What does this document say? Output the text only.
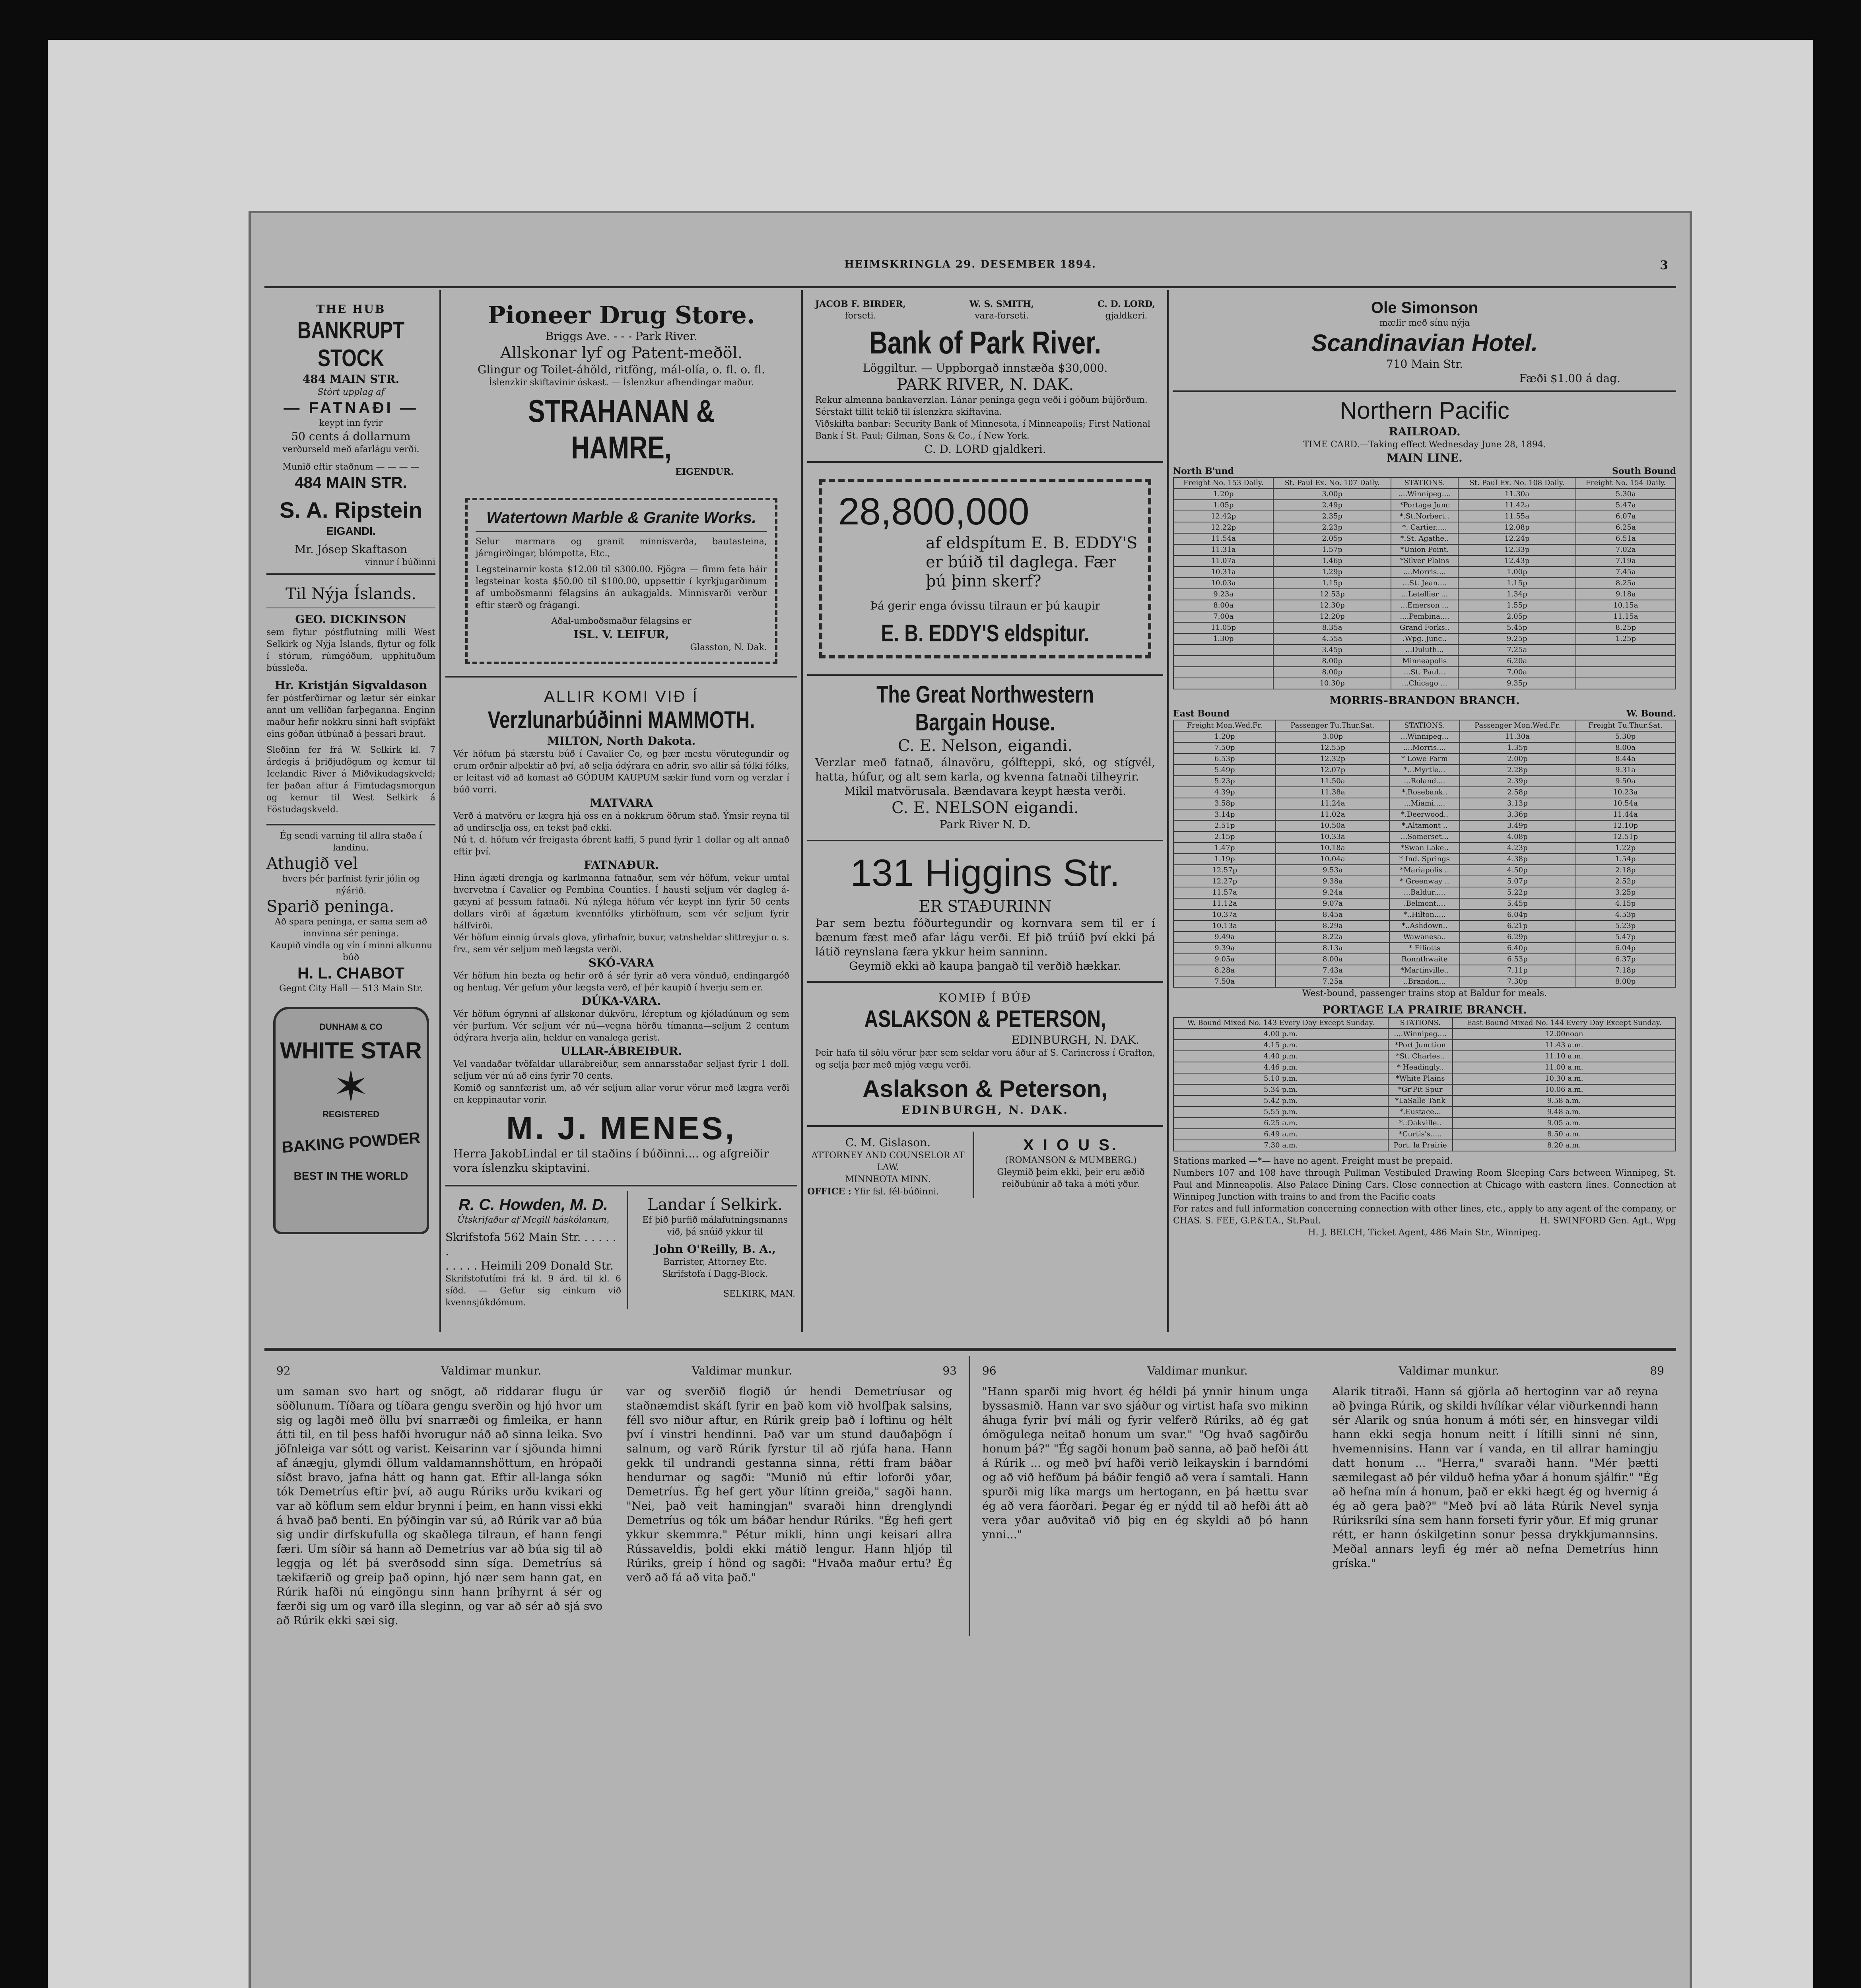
HEIMSKRINGLA 29. DESEMBER 1894.	3
THE HUB
BANKRUPT STOCK
484 MAIN STR.
Stórt upplag af
— FATNAÐI —
keypt inn fyrir
50 cents á dollarnum
verðurseld með afarlágu verði.
Munið eftir staðnum — — — —
484 MAIN STR.
S. A. Ripstein
EIGANDI.
Mr. Jósep Skaftason
vinnur í búðinni
Til Nýja Íslands.
GEO. DICKINSON
sem flytur póstflutning milli West Selkirk og Nýja Íslands, flytur og fólk í stórum, rúmgóðum, upphituðum bússleða.
Hr. Kristján Sigvaldason
fer póstferðirnar og lætur sér einkar annt um vellíðan farþeganna. Enginn maður hefir nokkru sinni haft svipfákt eins góðan útbúnað á þessari braut.
Sleðinn fer frá W. Selkirk kl. 7 árdegis á þriðjudögum og kemur til Icelandic River á Miðvikudagskveld; fer þaðan aftur á Fimtudagsmorgun og kemur til West Selkirk á Föstudagskveld.
Ég sendi varning til allra staða í landinu.
Athugið vel
hvers þér þarfnist fyrir jólin og nýárið.
Sparið peninga.
Að spara peninga, er sama sem að innvinna sér peninga.
Kaupið vindla og vín í minni alkunnu búð
H. L. CHABOT
Gegnt City Hall — 513 Main Str.
DUNHAM & CO
WHITE STAR
✶
REGISTERED
BAKING POWDER
BEST IN THE WORLD
Pioneer Drug Store.
Briggs Ave. - - - Park River.
Allskonar lyf og Patent-meðöl.
Glingur og Toilet-áhöld, ritföng, mál-olía, o. fl. o. fl.
Íslenzkir skiftavinir óskast. — Íslenzkur afhendingar maður.
STRAHANAN & HAMRE,
EIGENDUR.
Watertown Marble & Granite Works.
Selur marmara og granit minnisvarða, bautasteina, járngirðingar, blómpotta, Etc.,
Legsteinarnir kosta $12.00 til $300.00. Fjögra — fimm feta háir legsteinar kosta $50.00 til $100.00, uppsettir í kyrkjugarðinum af umboðsmanni félagsins án aukagjalds. Minnisvarði verður eftir stærð og frágangi.
Aðal-umboðsmaður félagsins er
ISL. V. LEIFUR,
Glasston, N. Dak.
ALLIR KOMI VIÐ Í
Verzlunarbúðinni MAMMOTH.
MILTON, North Dakota.
Vér höfum þá stærstu búð í Cavalier Co, og þær mestu vörutegundir og erum orðnir alþektir að því, að selja ódýrara en aðrir, svo allir sá fólki fólks, er leitast við að komast að GÓÐUM KAUPUM sækir fund vorn og verzlar í búð vorri.
MATVARA
Verð á matvöru er lægra hjá oss en á nokkrum öðrum stað. Ýmsir reyna til að undirselja oss, en tekst það ekki.
Nú t. d. höfum vér freigasta óbrent kaffi, 5 pund fyrir 1 dollar og alt annað eftir því.
FATNAÐUR.
Hinn ágæti drengja og karlmanna fatnaður, sem vér höfum, vekur umtal hvervetna í Cavalier og Pembina Counties. Í hausti seljum vér dagleg á-gæyni af þessum fatnaði. Nú nýlega höfum vér keypt inn fyrir 50 cents dollars virði af ágætum kvennfólks yfirhöfnum, sem vér seljum fyrir hálfvirði.
Vér höfum einnig úrvals glova, yfirhafnir, buxur, vatnsheldar slittreyjur o. s. frv., sem vér seljum með lægsta verði.
SKÓ-VARA
Vér höfum hin bezta og hefir orð á sér fyrir að vera vönduð, endingargóð og hentug. Vér gefum yður lægsta verð, ef þér kaupið í hverju sem er.
DÚKA-VARA.
Vér höfum ógrynni af allskonar dúkvöru, léreptum og kjóladúnum og sem vér þurfum. Vér seljum vér nú—vegna hörðu tímanna—seljum 2 centum ódýrara hverja alin, heldur en vanalega gerist.
ULLAR-ÁBREIÐUR.
Vel vandaðar tvöfaldar ullarábreiður, sem annarsstaðar seljast fyrir 1 doll. seljum vér nú að eins fyrir 70 cents.
Komið og sannfærist um, að vér seljum allar vorur vörur með lægra verði en keppinautar vorir.
M. J. MENES,
Herra JakobLindal er til staðins í búðinni.... og afgreiðir vora íslenzku skiptavini.
R. C. Howden, M. D.
Útskrifaður af Mcgill háskólanum,
Skrifstofa 562 Main Str. . . . . . .
. . . . . Heimili 209 Donald Str.
Skrifstofutími frá kl. 9 árd. til kl. 6 síðd. — Gefur sig einkum við kvennsjúkdómum.
Landar í Selkirk.
Ef þið þurfið málafutningsmanns við, þá snúið ykkur til
John O'Reilly, B. A.,
Barrister, Attorney Etc.
Skrifstofa í Dagg-Block.
SELKIRK, MAN.
JACOB F. BIRDER,
forseti.
W. S. SMITH,
vara-forseti.
C. D. LORD,
gjaldkeri.
Bank of Park River.
Löggiltur. — Uppborgað innstæða $30,000.
PARK RIVER, N. DAK.
Rekur almenna bankaverzlan. Lánar peninga gegn veði í góðum bújörðum.
Sérstakt tillit tekið til íslenzkra skiftavina.
Viðskifta banbar: Security Bank of Minnesota, í Minneapolis; First National Bank í St. Paul; Gilman, Sons & Co., í New York.
C. D. LORD gjaldkeri.
28,800,000
af eldspítum E. B. EDDY'S er búið til daglega. Fær þú þinn skerf?
Þá gerir enga óvissu tilraun er þú kaupir
E. B. EDDY'S eldspitur.
The Great Northwestern Bargain House.
C. E. Nelson, eigandi.
Verzlar með fatnað, álnavöru, gólfteppi, skó, og stígvél, hatta, húfur, og alt sem karla, og kvenna fatnaði tilheyrir.
Mikil matvörusala. Bændavara keypt hæsta verði.
C. E. NELSON eigandi.
Park River N. D.
131 Higgins Str.
ER STAÐURINN
Þar sem beztu fóðurtegundir og kornvara sem til er í bænum fæst með afar lágu verði. Ef þið trúið því ekki þá látið reynslana færa ykkur heim sanninn.
Geymið ekki að kaupa þangað til verðið hækkar.
KOMIÐ Í BÚÐ
ASLAKSON & PETERSON,
EDINBURGH, N. DAK.
Þeir hafa til sölu vörur þær sem seldar voru áður af S. Carincross í Grafton, og selja þær með mjög vægu verði.
Aslakson & Peterson,
EDINBURGH, N. DAK.
C. M. Gislason.
ATTORNEY AND COUNSELOR AT LAW.
MINNEOTA MINN.
OFFICE : Yfir fsl. fél-búðinni.
X I O U S.
(ROMANSON & MUMBERG.)
Gleymið þeim ekki, þeir eru æðið reiðubúnir að taka á móti yður.
Ole Simonson
mælir með sínu nýja
Scandinavian Hotel.
710 Main Str.
Fæði $1.00 á dag.
Northern Pacific
RAILROAD.
TIME CARD.—Taking effect Wednesday June 28, 1894.
MAIN LINE.
North B'und	South Bound
Freight No. 153 Daily.	St. Paul Ex. No. 107 Daily.	STATIONS.	St. Paul Ex. No. 108 Daily.	Freight No. 154 Daily.
1.20p	3.00p	....Winnipeg....	11.30a	5.30a
1.05p	2.49p	*Portage Junc	11.42a	5.47a
12.42p	2.35p	*.St.Norbert..	11.55a	6.07a
12.22p	2.23p	*. Cartier.....	12.08p	6.25a
11.54a	2.05p	*.St. Agathe..	12.24p	6.51a
11.31a	1.57p	*Union Point.	12.33p	7.02a
11.07a	1.46p	*Silver Plains	12.43p	7.19a
10.31a	1.29p	....Morris....	1.00p	7.45a
10.03a	1.15p	...St. Jean....	1.15p	8.25a
9.23a	12.53p	...Letellier ...	1.34p	9.18a
8.00a	12.30p	...Emerson ...	1.55p	10.15a
7.00a	12.20p	....Pembina....	2.05p	11.15a
11.05p	8.35a	Grand Forks..	5.45p	8.25p
1.30p	4.55a	.Wpg. Junc..	9.25p	1.25p
	3.45p	...Duluth...	7.25a	
	8.00p	Minneapolis	6.20a	
	8.00p	...St. Paul...	7.00a	
	10.30p	...Chicago ...	9.35p	
MORRIS-BRANDON BRANCH.
East Bound	W. Bound.
Freight Mon.Wed.Fr.	Passenger Tu.Thur.Sat.	STATIONS.	Passenger Mon.Wed.Fr.	Freight Tu.Thur.Sat.
1.20p	3.00p	...Winnipeg...	11.30a	5.30p
7.50p	12.55p	....Morris....	1.35p	8.00a
6.53p	12.32p	* Lowe Farm	2.00p	8.44a
5.49p	12.07p	*...Myrtle...	2.28p	9.31a
5.23p	11.50a	...Roland....	2.39p	9.50a
4.39p	11.38a	*.Rosebank..	2.58p	10.23a
3.58p	11.24a	...Miami.....	3.13p	10.54a
3.14p	11.02a	*.Deerwood..	3.36p	11.44a
2.51p	10.50a	*.Altamont ..	3.49p	12.10p
2.15p	10.33a	...Somerset...	4.08p	12.51p
1.47p	10.18a	*Swan Lake..	4.23p	1.22p
1.19p	10.04a	* Ind. Springs	4.38p	1.54p
12.57p	9.53a	*Mariapolis ..	4.50p	2.18p
12.27p	9.38a	* Greenway ..	5.07p	2.52p
11.57a	9.24a	...Baldur.....	5.22p	3.25p
11.12a	9.07a	.Belmont....	5.45p	4.15p
10.37a	8.45a	*..Hilton.....	6.04p	4.53p
10.13a	8.29a	*..Ashdown..	6.21p	5.23p
9.49a	8.22a	Wawanesa..	6.29p	5.47p
9.39a	8.13a	* Elliotts	6.40p	6.04p
9.05a	8.00a	Ronnthwaite	6.53p	6.37p
8.28a	7.43a	*Martinville..	7.11p	7.18p
7.50a	7.25a	..Brandon...	7.30p	8.00p
West-bound, passenger trains stop at Baldur for meals.
PORTAGE LA PRAIRIE BRANCH.
W. Bound Mixed No. 143 Every Day Except Sunday.	STATIONS.	East Bound Mixed No. 144 Every Day Except Sunday.
4.00 p.m.	....Winnipeg....	12.00noon
4.15 p.m.	*Port Junction	11.43 a.m.
4.40 p.m.	*St. Charles..	11.10 a.m.
4.46 p.m.	* Headingly..	11.00 a.m.
5.10 p.m.	*White Plains	10.30 a.m.
5.34 p.m.	*Gr'Pit Spur	10.06 a.m.
5.42 p.m.	*LaSalle Tank	9.58 a.m.
5.55 p.m.	*.Eustace...	9.48 a.m.
6.25 a.m.	*..Oakville..	9.05 a.m.
6.49 a.m.	*Curtis's.....	8.50 a.m.
7.30 a.m.	Port. la Prairie	8.20 a.m.
Stations marked —*— have no agent. Freight must be prepaid.
Numbers 107 and 108 have through Pullman Vestibuled Drawing Room Sleeping Cars between Winnipeg, St. Paul and Minneapolis. Also Palace Dining Cars. Close connection at Chicago with eastern lines. Connection at Winnipeg Junction with trains to and from the Pacific coats
For rates and full information concerning connection with other lines, etc., apply to any agent of the company, or
CHAS. S. FEE, G.P.&T.A., St.Paul.	H. SWINFORD Gen. Agt., Wpg
H. J. BELCH, Ticket Agent, 486 Main Str., Winnipeg.
92	Valdimar munkur.	Valdimar munkur.	93
um saman svo hart og snögt, að riddarar flugu úr söðlunum. Tíðara og tíðara gengu sverðin og hjó hvor um sig og lagði með öllu því snarræði og fimleika, er hann átti til, en til þess hafði hvorugur náð að sinna leika. Svo jöfnleiga var sótt og varist. Keisarinn var í sjöunda himni af ánægju, glymdi öllum valdamannshöttum, en hrópaði síðst bravo, jafna hátt og hann gat. Eftir all-langa sókn tók Demetríus eftir því, að augu Rúriks urðu kvikari og var að köflum sem eldur brynni í þeim, en hann vissi ekki á hvað það benti. En þýðingin var sú, að Rúrik var að búa sig undir dirfskufulla og skaðlega tilraun, ef hann fengi færi. Um síðir sá hann að Demetríus var að búa sig til að leggja og lét þá sverðsodd sinn síga. Demetríus sá tækifærið og greip það opinn, hjó nær sem hann gat, en Rúrik hafði nú eingöngu sinn hann þríhyrnt á sér og færði sig um og varð illa sleginn, og var að sér að sjá svo að Rúrik ekki sæi sig.
var og sverðið flogið úr hendi Demetríusar og staðnæmdist skáft fyrir en það kom við hvolfþak salsins, féll svo niður aftur, en Rúrik greip það í loftinu og hélt því í vinstri hendinni. Það var um stund dauðaþögn í salnum, og varð Rúrik fyrstur til að rjúfa hana. Hann gekk til undrandi gestanna sinna, rétti fram báðar hendurnar og sagði: "Munið nú eftir loforði yðar, Demetríus. Ég hef gert yður lítinn greiða," sagði hann. "Nei, það veit hamingjan" svaraði hinn drenglyndi Demetríus og tók um báðar hendur Rúriks. "Ég hefi gert ykkur skemmra." Pétur mikli, hinn ungi keisari allra Rússaveldis, þoldi ekki mátið lengur. Hann hljóp til Rúriks, greip í hönd og sagði: "Hvaða maður ertu? Ég verð að fá að vita það."
96	Valdimar munkur.	Valdimar munkur.	89
"Hann sparði mig hvort ég héldi þá ynnir hinum unga byssasmið. Hann var svo sjáður og virtist hafa svo mikinn áhuga fyrir því máli og fyrir velferð Rúriks, að ég gat ómögulega neitað honum um svar." "Og hvað sagðirðu honum þá?" "Ég sagði honum það sanna, að það hefði átt á Rúrik ... og með því hafði verið leikayskin í barndómi og að við hefðum þá báðir fengið að vera í samtali. Hann spurði mig líka margs um hertogann, en þá hættu svar ég að vera fáorðari. Þegar ég er nýdd til að hefði átt að vera yðar auðvitað við þig en ég skyldi að þó hann ynni..."
Alarik titraði. Hann sá gjörla að hertoginn var að reyna að þvinga Rúrik, og skildi hvílíkar vélar viðurkenndi hann sér Alarik og snúa honum á móti sér, en hinsvegar vildi hann ekki segja honum neitt í lítilli sinni né sinn, hvemennisins. Hann var í vanda, en til allrar hamingju datt honum ... "Herra," svaraði hann. "Mér þætti sæmilegast að þér vilduð hefna yðar á honum sjálfir." "Ég að hefna mín á honum, það er ekki hægt ég og hvernig á ég að gera það?" "Með því að láta Rúrik Nevel synja Rúriksríki sína sem hann forseti fyrir yður. Ef mig grunar rétt, er hann óskilgetinn sonur þessa drykkjumannsins. Meðal annars leyfi ég mér að nefna Demetríus hinn gríska."
